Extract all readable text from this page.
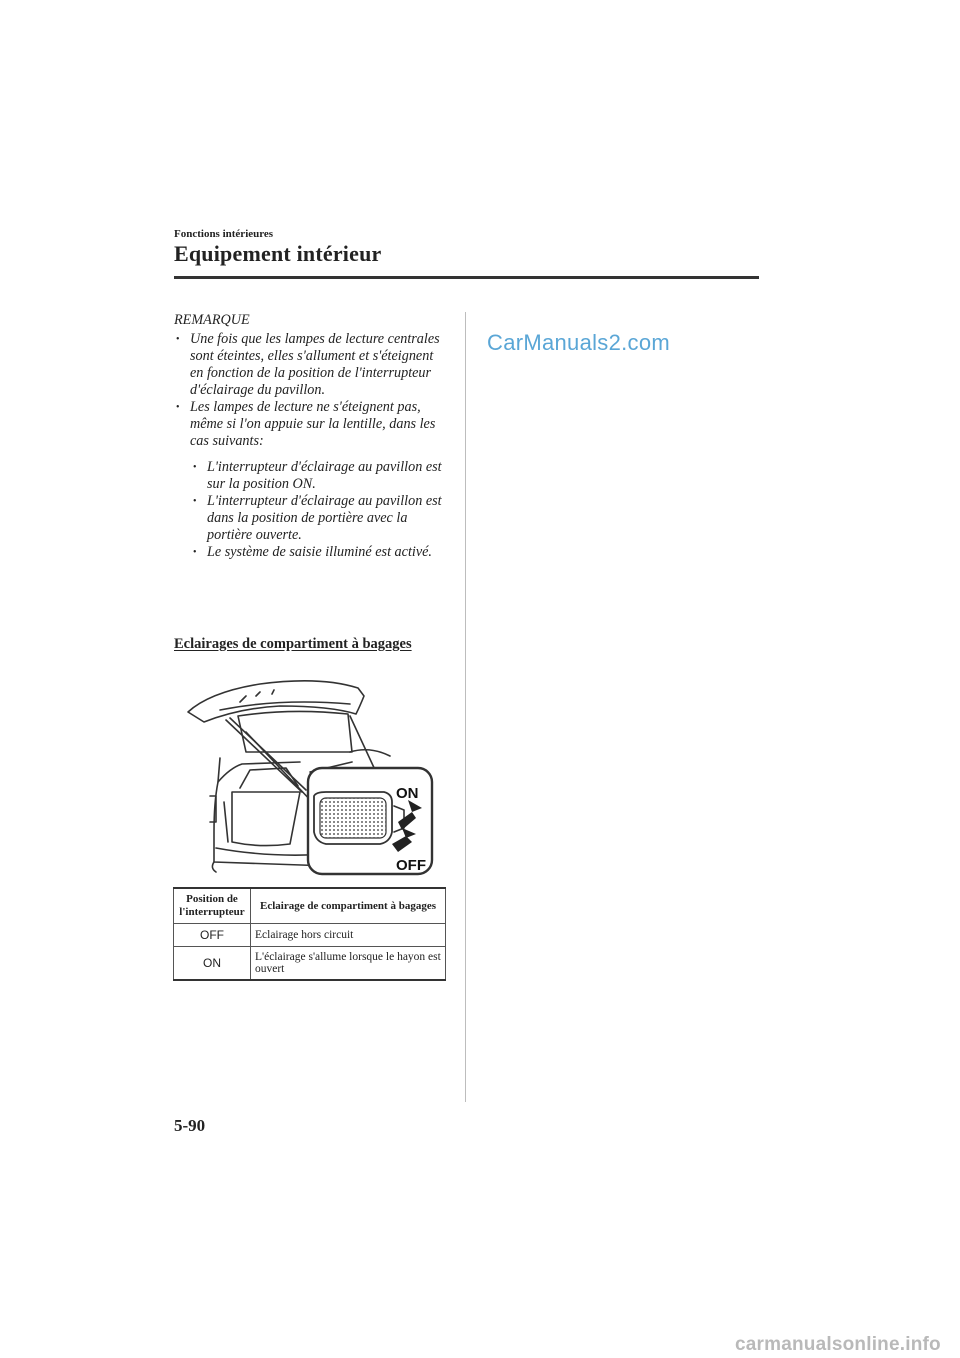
Fonctions intérieures
Equipement intérieur
REMARQUE
• Une fois que les lampes de lecture centrales sont éteintes, elles s'allument et s'éteignent en fonction de la position de l'interrupteur d'éclairage du pavillon.
• Les lampes de lecture ne s'éteignent pas, même si l'on appuie sur la lentille, dans les cas suivants:
• L'interrupteur d'éclairage au pavillon est sur la position ON.
• L'interrupteur d'éclairage au pavillon est dans la position de portière avec la portière ouverte.
• Le système de saisie illuminé est activé.
Eclairages de compartiment à bagages
ON
OFF
Position de l'interrupteur	Eclairage de compartiment à bagages
OFF	Eclairage hors circuit
ON	L'éclairage s'allume lorsque le hayon est ouvert
CarManuals2.com
5-90
carmanualsonline.info
